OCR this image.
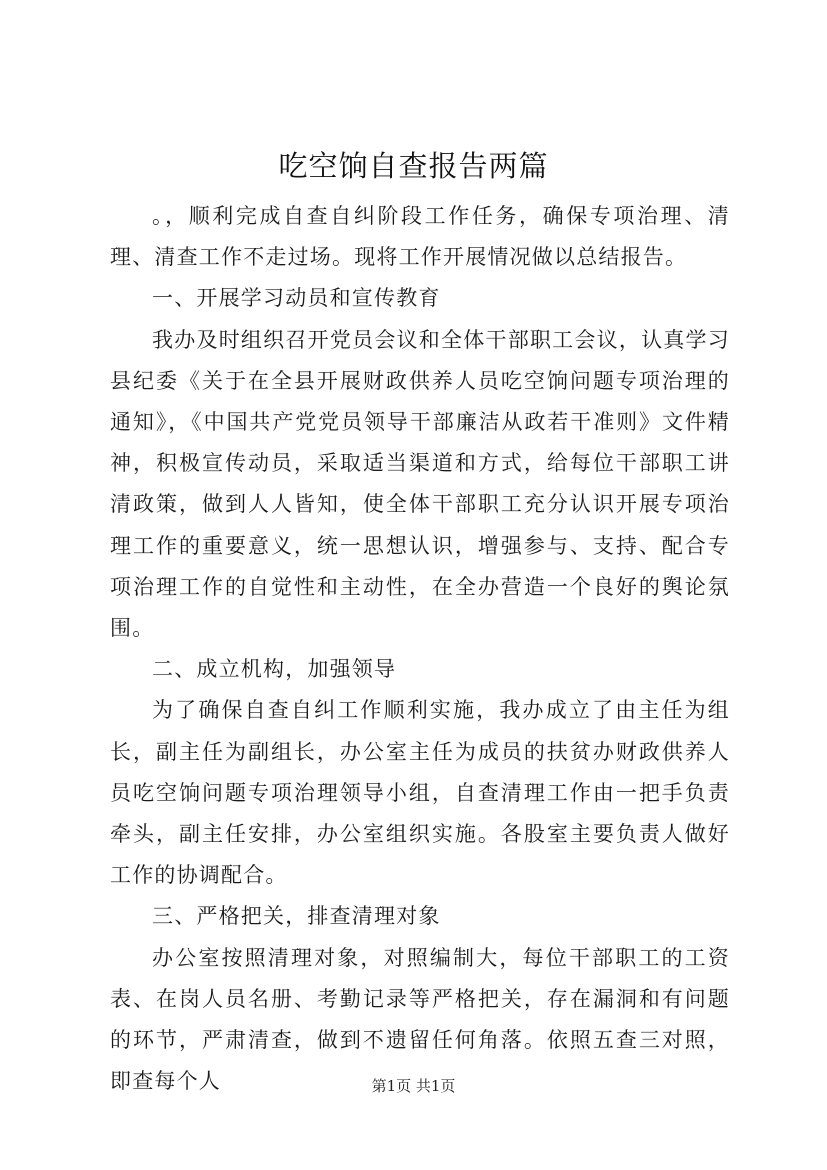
吃空饷自查报告两篇

。，顺利完成自查自纠阶段工作任务，确保专项治理、清理、清查工作不走过场。现将工作开展情况做以总结报告。

一、开展学习动员和宣传教育

我办及时组织召开党员会议和全体干部职工会议，认真学习县纪委《关于在全县开展财政供养人员吃空饷问题专项治理的通知》，《中国共产党党员领导干部廉洁从政若干准则》文件精神，积极宣传动员，采取适当渠道和方式，给每位干部职工讲清政策，做到人人皆知，使全体干部职工充分认识开展专项治理工作的重要意义，统一思想认识，增强参与、支持、配合专项治理工作的自觉性和主动性，在全办营造一个良好的舆论氛围。

二、成立机构，加强领导

为了确保自查自纠工作顺利实施，我办成立了由主任为组长，副主任为副组长，办公室主任为成员的扶贫办财政供养人员吃空饷问题专项治理领导小组，自查清理工作由一把手负责牵头，副主任安排，办公室组织实施。各股室主要负责人做好工作的协调配合。

三、严格把关，排查清理对象

办公室按照清理对象，对照编制大，每位干部职工的工资表、在岗人员名册、考勤记录等严格把关，存在漏洞和有问题的环节，严肃清查，做到不遗留任何角落。依照五查三对照，即查每个人	第1页 共1页
